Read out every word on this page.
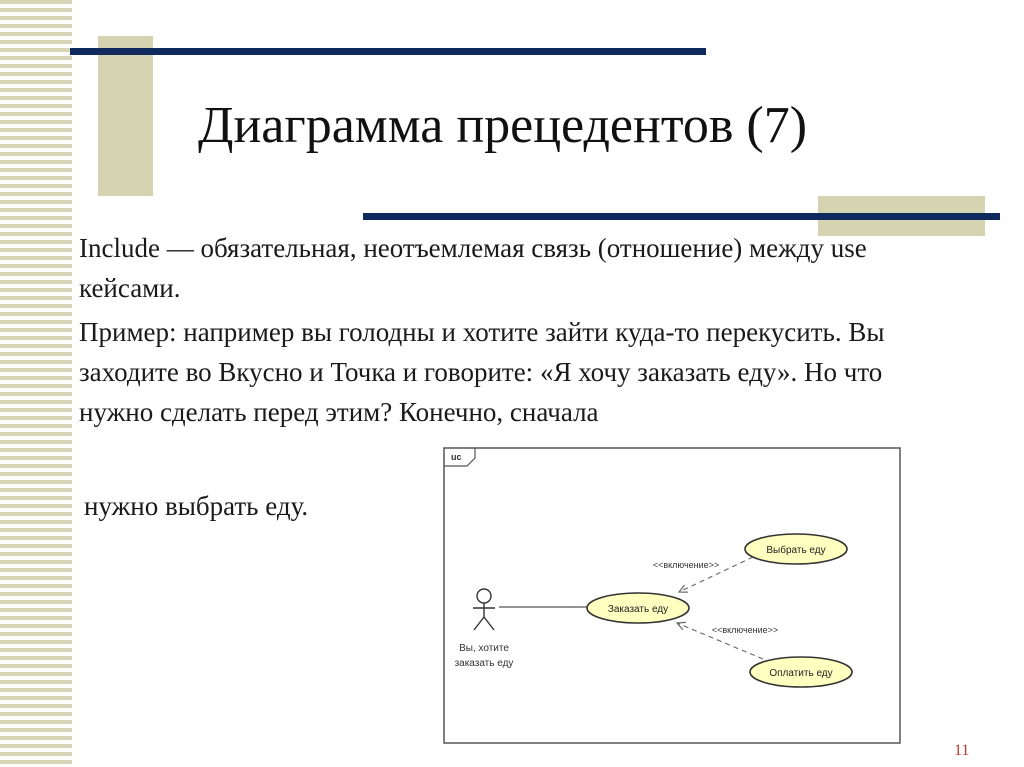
Диаграмма прецедентов (7)

Include — обязательная, неотъемлемая связь (отношение) между use кейсами.

Пример: например вы голодны и хотите зайти куда-то перекусить. Вы заходите во Вкусно и Точка и говорите: «Я хочу заказать еду». Но что нужно сделать перед этим? Конечно, сначала

нужно выбрать еду.

uc
Вы, хотите
заказать еду
<<включение>>
<<включение>>
Заказать еду
Выбрать еду
Оплатить еду
11
